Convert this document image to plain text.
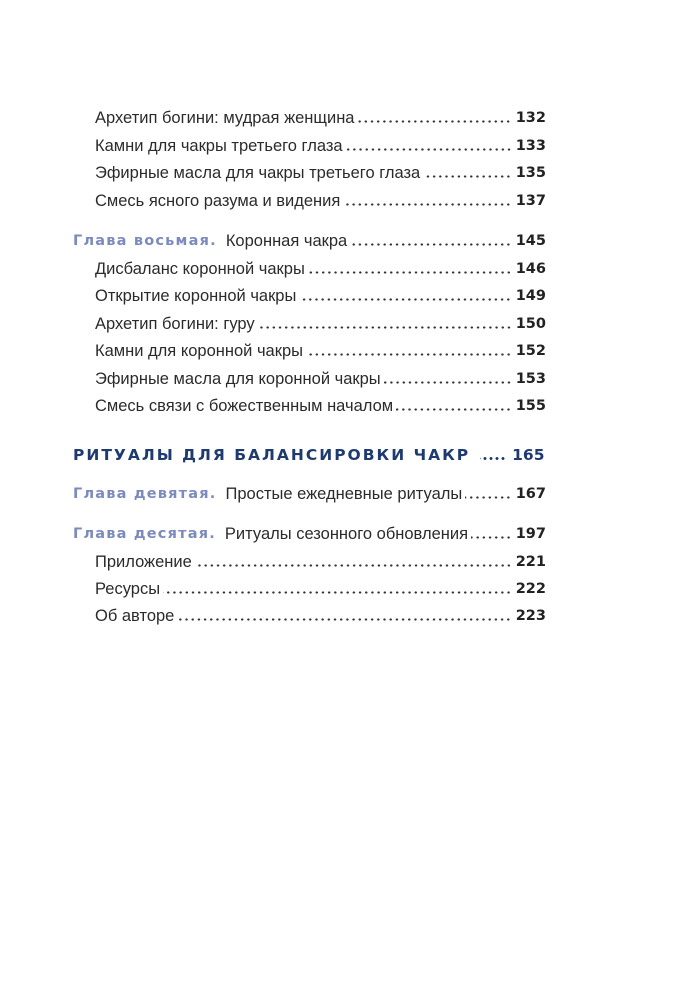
Архетип богини: мудрая женщина	132
Камни для чакры третьего глаза	133
Эфирные масла для чакры третьего глаза	135
Смесь ясного разума и видения	137
Глава восьмая. Коронная чакра	145
Дисбаланс коронной чакры	146
Открытие коронной чакры	149
Архетип богини: гуру	150
Камни для коронной чакры	152
Эфирные масла для коронной чакры	153
Смесь связи с божественным началом	155
РИТУАЛЫ ДЛЯ БАЛАНСИРОВКИ ЧАКР	165
Глава девятая. Простые ежедневные ритуалы	167
Глава десятая. Ритуалы сезонного обновления	197
Приложение	221
Ресурсы	222
Об авторе	223
